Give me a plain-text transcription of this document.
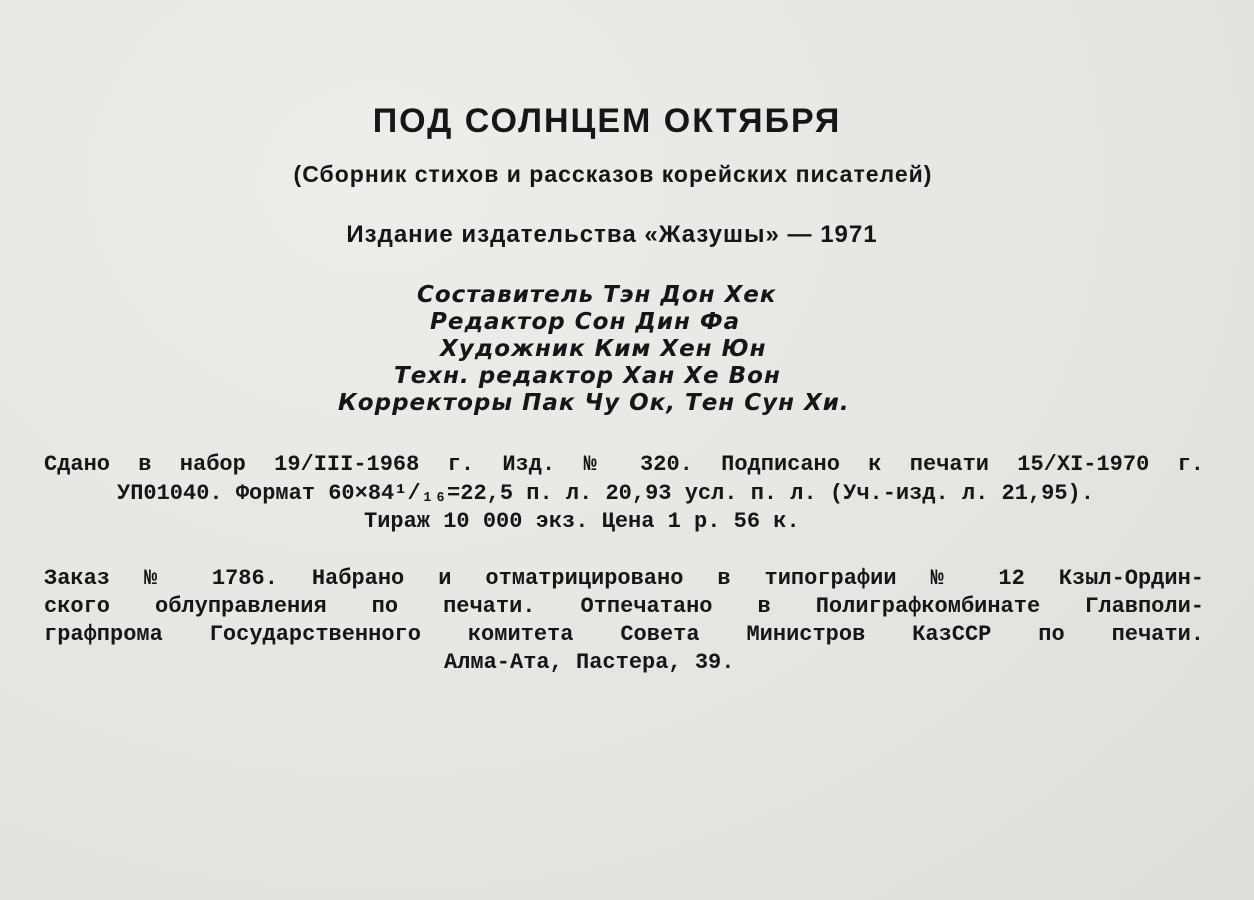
ПОД СОЛНЦЕМ ОКТЯБРЯ
(Сборник стихов и рассказов корейских писателей)
Издание издательства «Жазушы» — 1971
Составитель Тэн Дон Хек
Редактор Сон Дин Фа
Художник Ким Хен Юн
Техн. редактор Хан Хе Вон
Корректоры Пак Чу Ок, Тен Сун Хи.
Сдано в набор 19/III-1968 г. Изд. № 320. Подписано к печати 15/XI-1970 г.
УП01040. Формат 60×84¹/₁₆=22,5 п. л. 20,93 усл. п. л. (Уч.-изд. л. 21,95).
Тираж 10 000 экз. Цена 1 р. 56 к.
Заказ № 1786. Набрано и отматрицировано в типографии № 12 Кзыл-Ордин-
ского облуправления по печати. Отпечатано в Полиграфкомбинате Главполи-
графпрома Государственного комитета Совета Министров КазССР по печати.
Алма-Ата, Пастера, 39.
